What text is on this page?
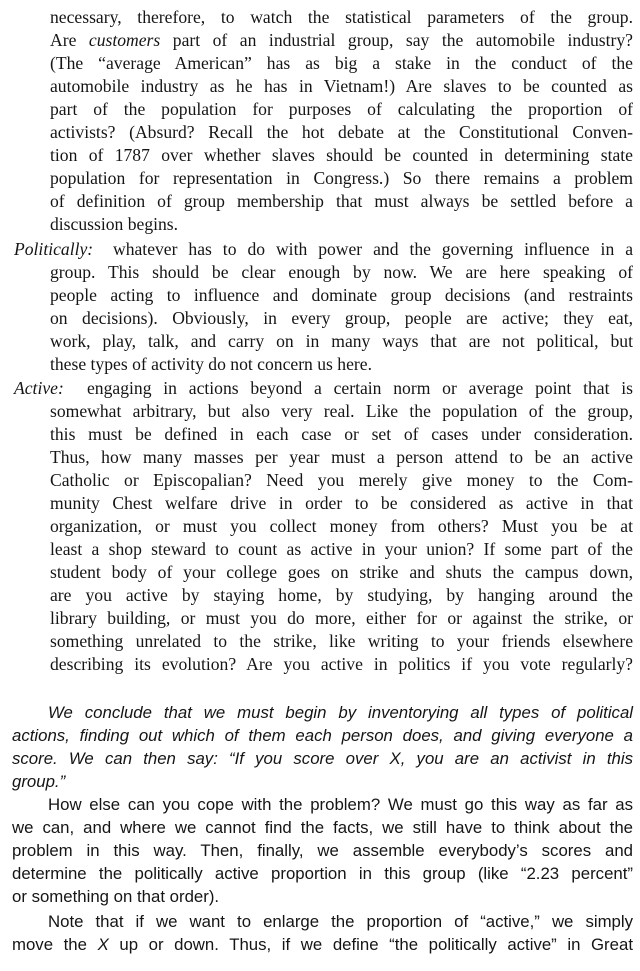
necessary, therefore, to watch the statistical parameters of the group.
Are customers part of an industrial group, say the automobile industry?
(The “average American” has as big a stake in the conduct of the
automobile industry as he has in Vietnam!) Are slaves to be counted as
part of the population for purposes of calculating the proportion of
activists? (Absurd? Recall the hot debate at the Constitutional Conven-
tion of 1787 over whether slaves should be counted in determining state
population for representation in Congress.) So there remains a problem
of definition of group membership that must always be settled before a
discussion begins.
Politically: whatever has to do with power and the governing influence in a
group. This should be clear enough by now. We are here speaking of
people acting to influence and dominate group decisions (and restraints
on decisions). Obviously, in every group, people are active; they eat,
work, play, talk, and carry on in many ways that are not political, but
these types of activity do not concern us here.
Active: engaging in actions beyond a certain norm or average point that is
somewhat arbitrary, but also very real. Like the population of the group,
this must be defined in each case or set of cases under consideration.
Thus, how many masses per year must a person attend to be an active
Catholic or Episcopalian? Need you merely give money to the Com-
munity Chest welfare drive in order to be considered as active in that
organization, or must you collect money from others? Must you be at
least a shop steward to count as active in your union? If some part of the
student body of your college goes on strike and shuts the campus down,
are you active by staying home, by studying, by hanging around the
library building, or must you do more, either for or against the strike, or
something unrelated to the strike, like writing to your friends elsewhere
describing its evolution? Are you active in politics if you vote regularly?
We conclude that we must begin by inventorying all types of political
actions, finding out which of them each person does, and giving everyone a
score. We can then say: “If you score over X, you are an activist in this
group.”
How else can you cope with the problem? We must go this way as far as
we can, and where we cannot find the facts, we still have to think about the
problem in this way. Then, finally, we assemble everybody’s scores and
determine the politically active proportion in this group (like “2.23 percent”
or something on that order).
Note that if we want to enlarge the proportion of “active,” we simply
move the X up or down. Thus, if we define “the politically active” in Great
